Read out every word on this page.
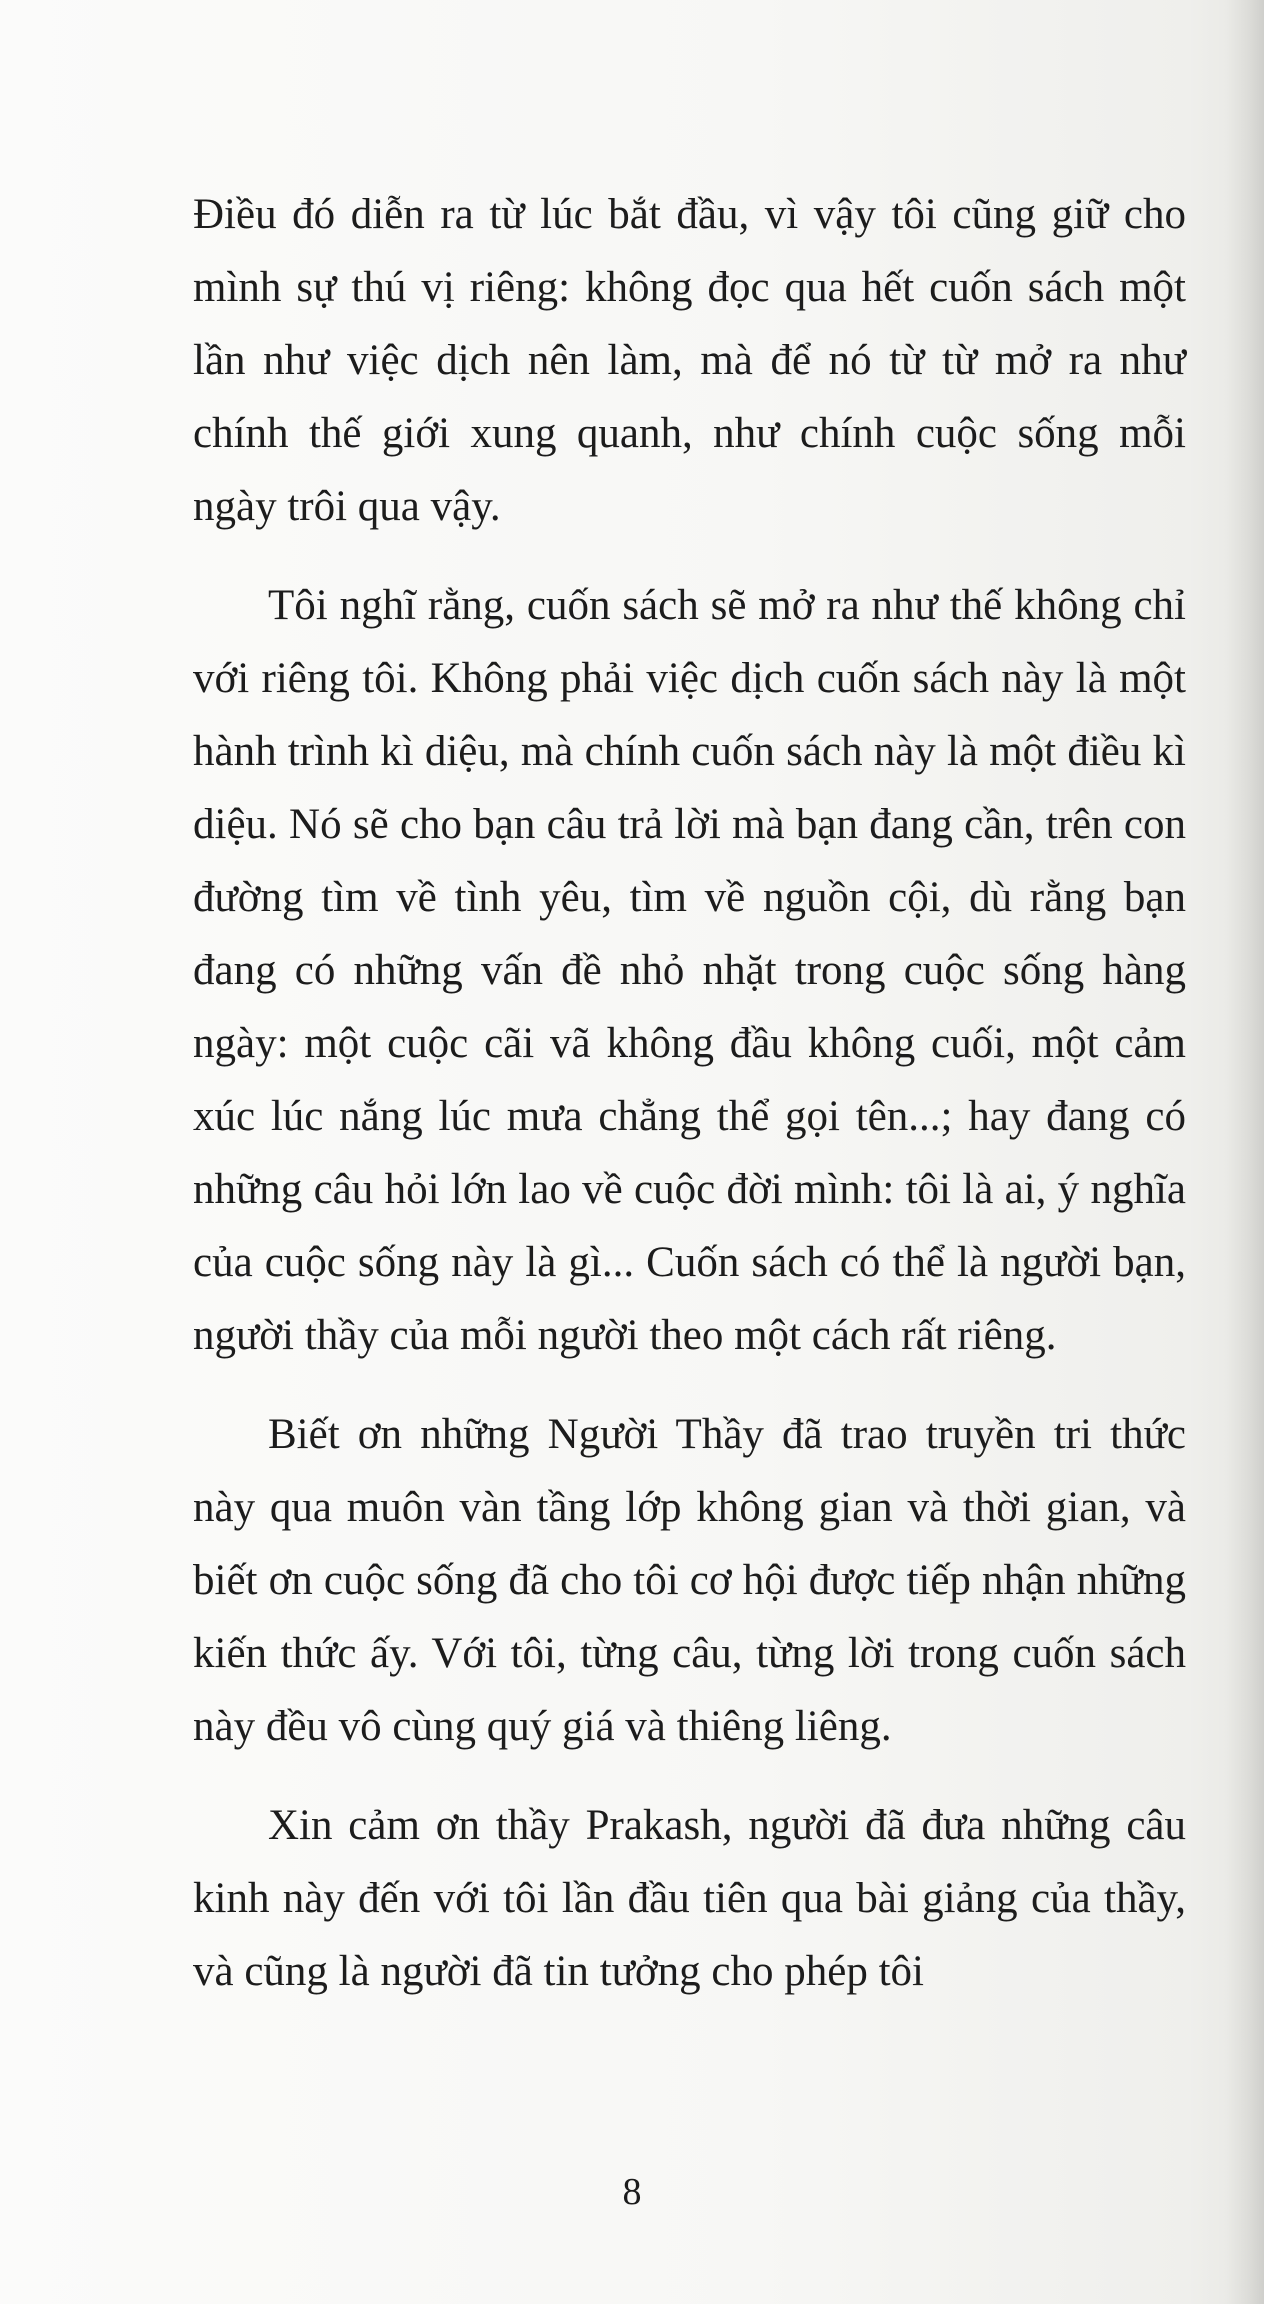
Điều đó diễn ra từ lúc bắt đầu, vì vậy tôi cũng giữ cho mình sự thú vị riêng: không đọc qua hết cuốn sách một lần như việc dịch nên làm, mà để nó từ từ mở ra như chính thế giới xung quanh, như chính cuộc sống mỗi ngày trôi qua vậy.

Tôi nghĩ rằng, cuốn sách sẽ mở ra như thế không chỉ với riêng tôi. Không phải việc dịch cuốn sách này là một hành trình kì diệu, mà chính cuốn sách này là một điều kì diệu. Nó sẽ cho bạn câu trả lời mà bạn đang cần, trên con đường tìm về tình yêu, tìm về nguồn cội, dù rằng bạn đang có những vấn đề nhỏ nhặt trong cuộc sống hàng ngày: một cuộc cãi vã không đầu không cuối, một cảm xúc lúc nắng lúc mưa chẳng thể gọi tên...; hay đang có những câu hỏi lớn lao về cuộc đời mình: tôi là ai, ý nghĩa của cuộc sống này là gì... Cuốn sách có thể là người bạn, người thầy của mỗi người theo một cách rất riêng.

Biết ơn những Người Thầy đã trao truyền tri thức này qua muôn vàn tầng lớp không gian và thời gian, và biết ơn cuộc sống đã cho tôi cơ hội được tiếp nhận những kiến thức ấy. Với tôi, từng câu, từng lời trong cuốn sách này đều vô cùng quý giá và thiêng liêng.

Xin cảm ơn thầy Prakash, người đã đưa những câu kinh này đến với tôi lần đầu tiên qua bài giảng của thầy, và cũng là người đã tin tưởng cho phép tôi

8
